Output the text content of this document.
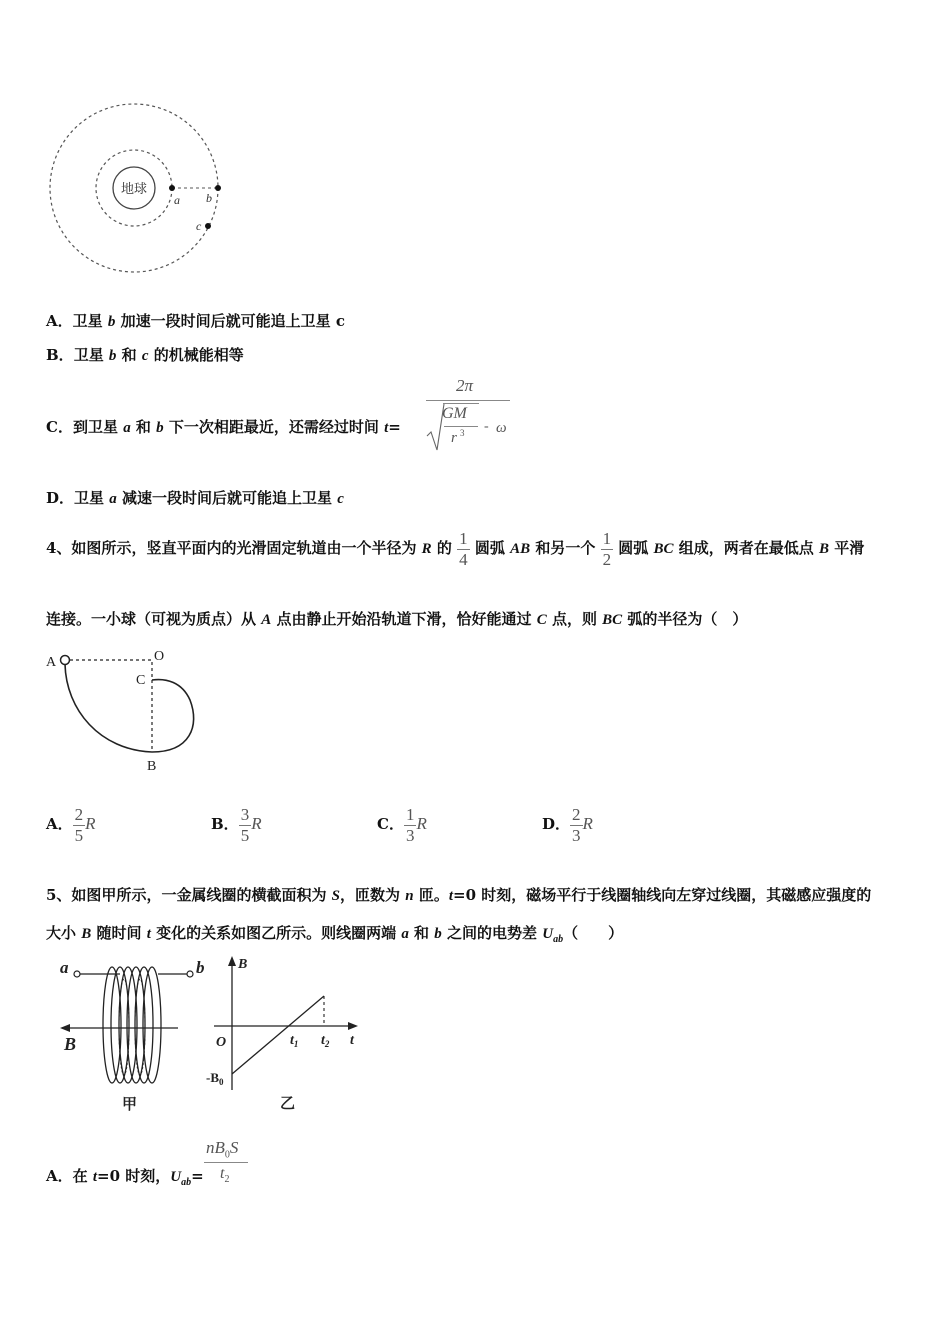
地球
a b
c
A．卫星 b 加速一段时间后就可能追上卫星 c
B．卫星 b 和 c 的机械能相等
C．到卫星 a 和 b 下一次相距最近，还需经过时间 t=
2π
GM
r 3 - ω
D．卫星 a 减速一段时间后就可能追上卫星 c
4、如图所示，竖直平面内的光滑固定轨道由一个半径为 R 的 $\frac{1}{4}$ 圆弧 AB 和另一个 $\frac{1}{2}$ 圆弧 BC 组成，两者在最低点 B 平滑
连接。一小球（可视为质点）从 A 点由静止开始沿轨道下滑，恰好能通过 C 点，则 BC 弧的半径为（　）
A	O
C
B
A． $\frac{2}{5}$ R	B． $\frac{3}{5}$ R	C． $\frac{1}{3}$ R	D． $\frac{2}{3}$ R
5、如图甲所示，一金属线圈的横截面积为 S，匝数为 n 匝。t=0 时刻，磁场平行于线圈轴线向左穿过线圈，其磁感应强度的
大小 B 随时间 t 变化的关系如图乙所示。则线圈两端 a 和 b 之间的电势差 $U_{ab}$（　　）
a	b
B
甲
B
O	$t_1$ $t_2$ t
$-B_0$
乙
A．在 t=0 时刻，$U_{ab}=$
$nB_0S$
$t_2$
